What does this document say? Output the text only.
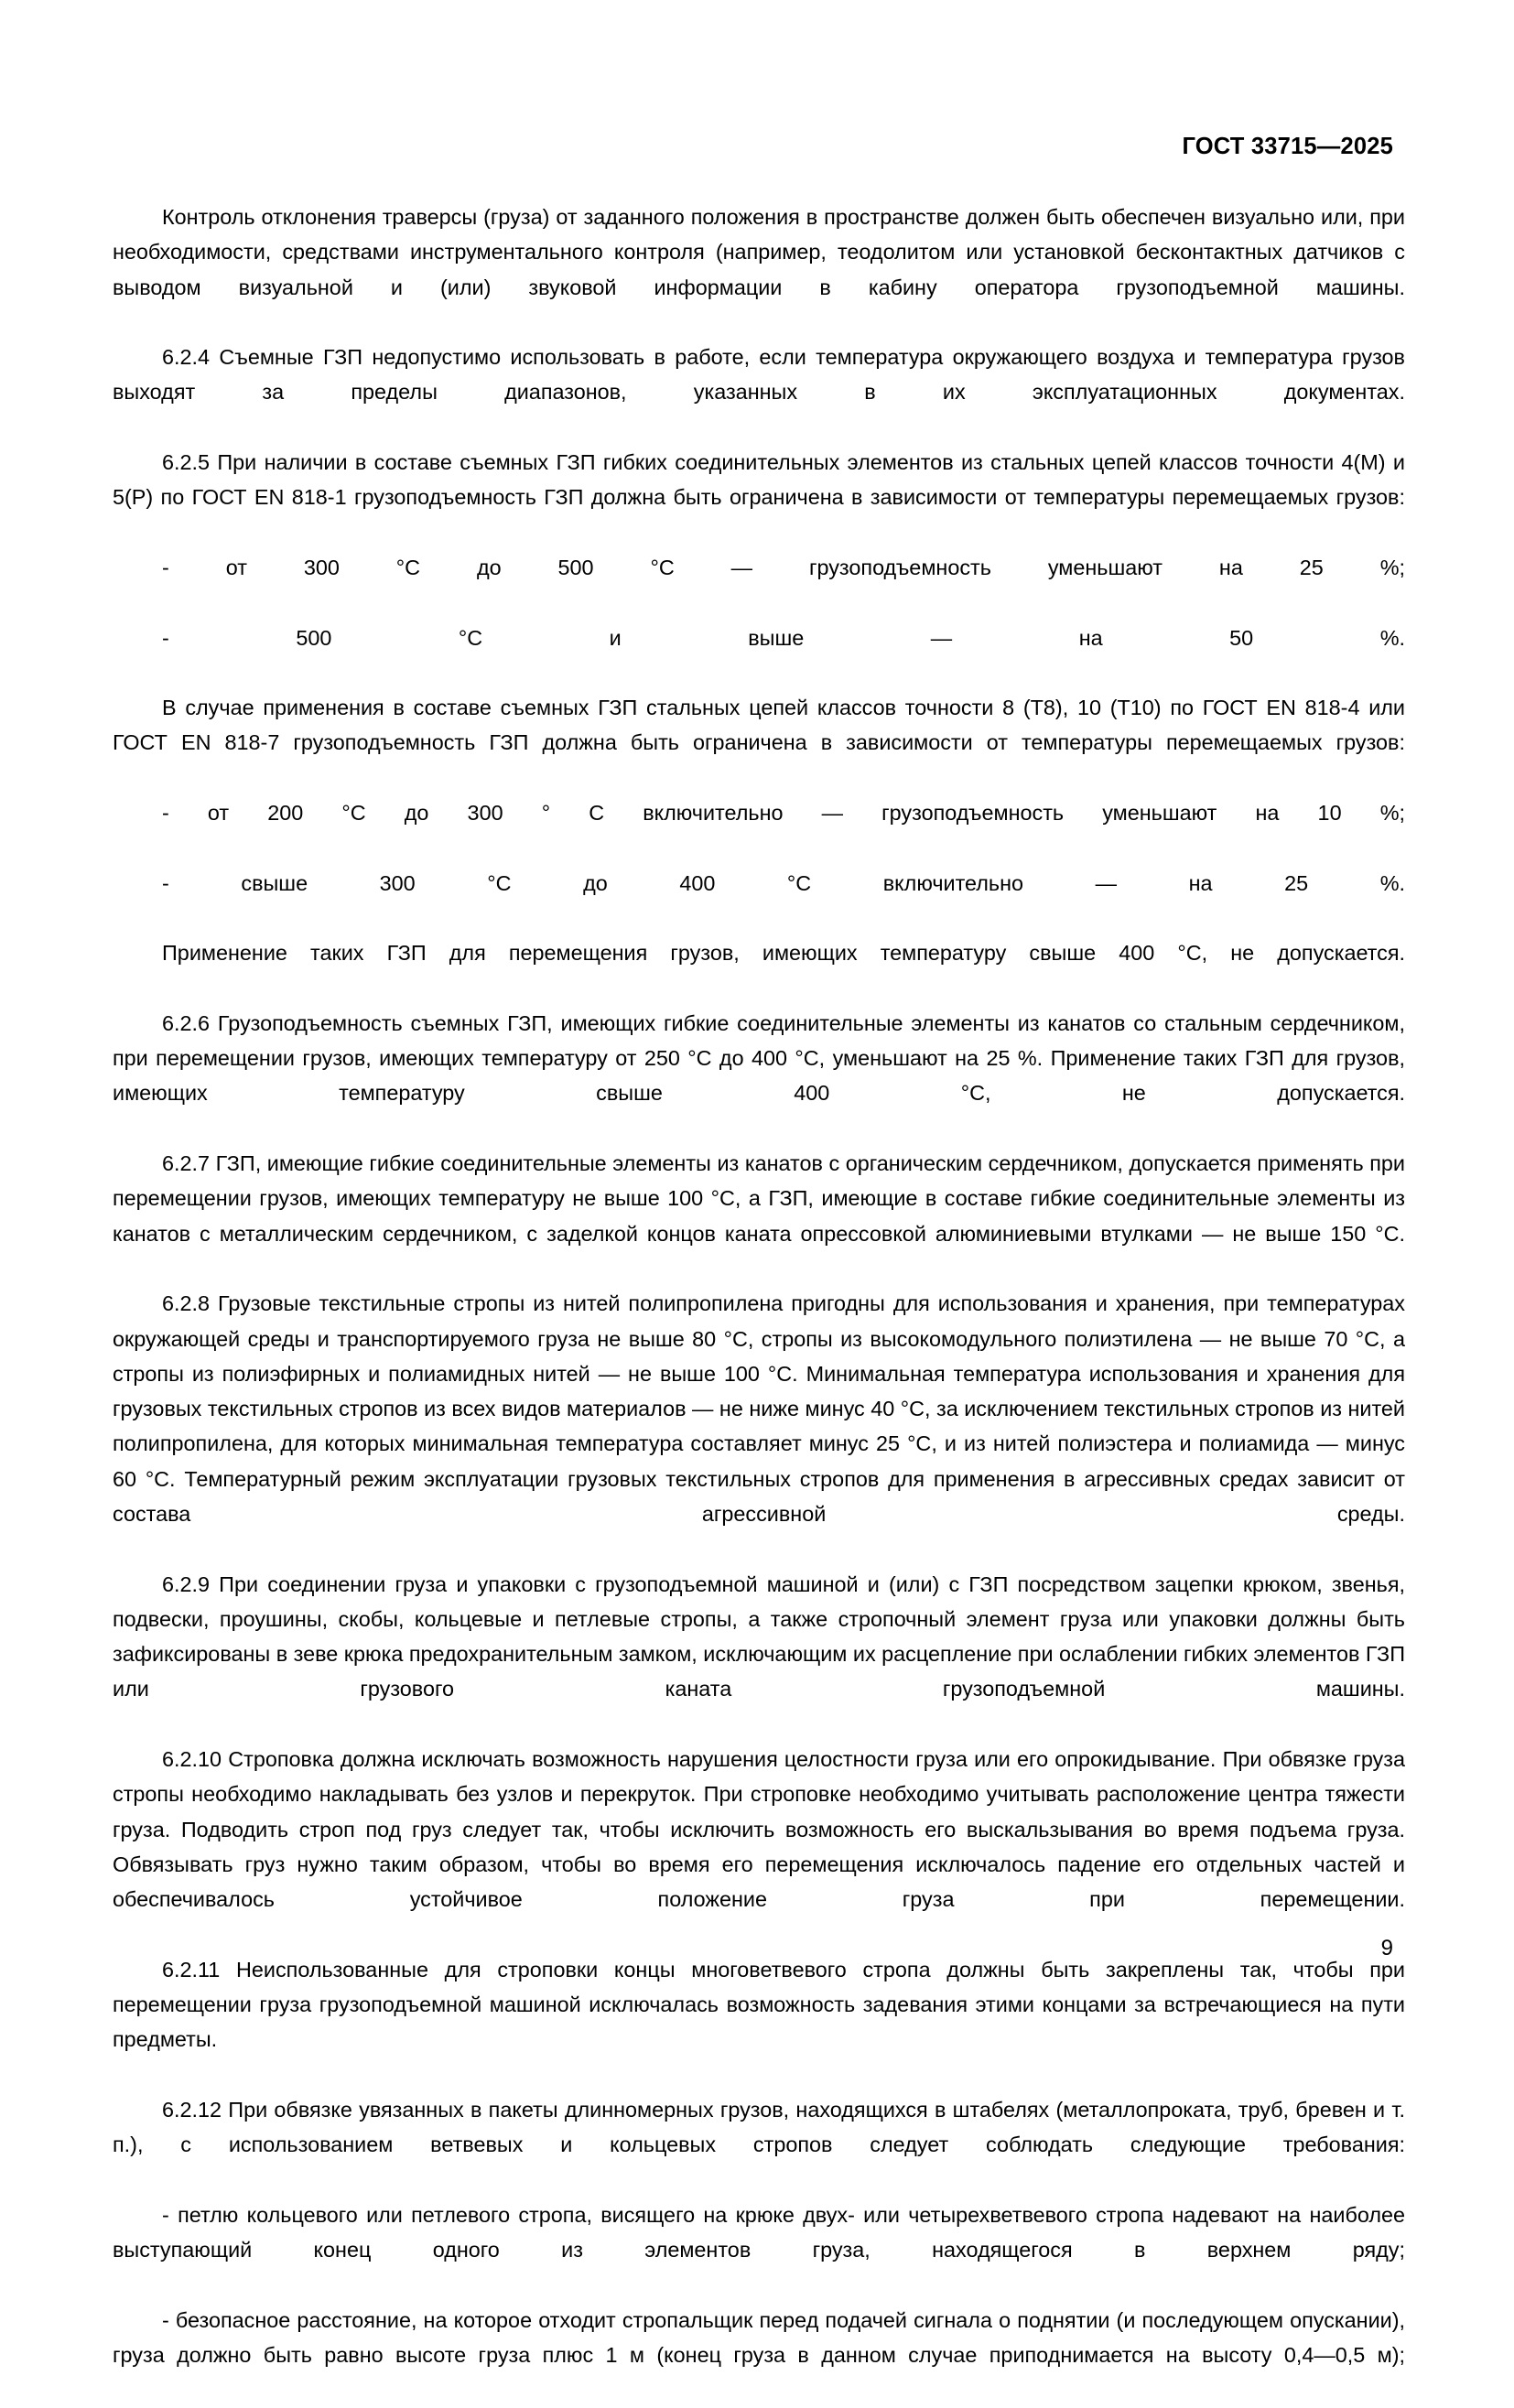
ГОСТ 33715—2025

Контроль отклонения траверсы (груза) от заданного положения в пространстве должен быть обеспечен визуально или, при необходимости, средствами инструментального контроля (например, теодолитом или установкой бесконтактных датчиков с выводом визуальной и (или) звуковой информации в кабину оператора грузоподъемной машины.

6.2.4 Съемные ГЗП недопустимо использовать в работе, если температура окружающего воздуха и температура грузов выходят за пределы диапазонов, указанных в их эксплуатационных документах.

6.2.5 При наличии в составе съемных ГЗП гибких соединительных элементов из стальных цепей классов точности 4(М) и 5(Р) по ГОСТ EN 818-1 грузоподъемность ГЗП должна быть ограничена в зависимости от температуры перемещаемых грузов:

- от 300 °C до 500 °C — грузоподъемность уменьшают на 25 %;

- 500 °C и выше — на 50 %.

В случае применения в составе съемных ГЗП стальных цепей классов точности 8 (Т8), 10 (Т10) по ГОСТ EN 818-4 или ГОСТ EN 818-7 грузоподъемность ГЗП должна быть ограничена в зависимости от температуры перемещаемых грузов:

- от 200 °C до 300 ° С включительно — грузоподъемность уменьшают на 10 %;

- свыше 300 °C до 400 °C включительно — на 25 %.

Применение таких ГЗП для перемещения грузов, имеющих температуру свыше 400 °C, не допускается.

6.2.6 Грузоподъемность съемных ГЗП, имеющих гибкие соединительные элементы из канатов со стальным сердечником, при перемещении грузов, имеющих температуру от 250 °C до 400 °C, уменьшают на 25 %. Применение таких ГЗП для грузов, имеющих температуру свыше 400 °C, не допускается.

6.2.7 ГЗП, имеющие гибкие соединительные элементы из канатов с органическим сердечником, допускается применять при перемещении грузов, имеющих температуру не выше 100 °C, а ГЗП, имеющие в составе гибкие соединительные элементы из канатов с металлическим сердечником, с заделкой концов каната опрессовкой алюминиевыми втулками — не выше 150 °C.

6.2.8 Грузовые текстильные стропы из нитей полипропилена пригодны для использования и хранения, при температурах окружающей среды и транспортируемого груза не выше 80 °C, стропы из высокомодульного полиэтилена — не выше 70 °C, а стропы из полиэфирных и полиамидных нитей — не выше 100 °C. Минимальная температура использования и хранения для грузовых текстильных стропов из всех видов материалов — не ниже минус 40 °C, за исключением текстильных стропов из нитей полипропилена, для которых минимальная температура составляет минус 25 °C, и из нитей полиэстера и полиамида — минус 60 °C. Температурный режим эксплуатации грузовых текстильных стропов для применения в агрессивных средах зависит от состава агрессивной среды.

6.2.9 При соединении груза и упаковки с грузоподъемной машиной и (или) с ГЗП посредством зацепки крюком, звенья, подвески, проушины, скобы, кольцевые и петлевые стропы, а также стропочный элемент груза или упаковки должны быть зафиксированы в зеве крюка предохранительным замком, исключающим их расцепление при ослаблении гибких элементов ГЗП или грузового каната грузоподъемной машины.

6.2.10 Строповка должна исключать возможность нарушения целостности груза или его опрокидывание. При обвязке груза стропы необходимо накладывать без узлов и перекруток. При строповке необходимо учитывать расположение центра тяжести груза. Подводить строп под груз следует так, чтобы исключить возможность его выскальзывания во время подъема груза. Обвязывать груз нужно таким образом, чтобы во время его перемещения исключалось падение его отдельных частей и обеспечивалось устойчивое положение груза при перемещении.

6.2.11 Неиспользованные для строповки концы многоветвевого стропа должны быть закреплены так, чтобы при перемещении груза грузоподъемной машиной исключалась возможность задевания этими концами за встречающиеся на пути предметы.

6.2.12 При обвязке увязанных в пакеты длинномерных грузов, находящихся в штабелях (металлопроката, труб, бревен и т. п.), с использованием ветвевых и кольцевых стропов следует соблюдать следующие требования:

- петлю кольцевого или петлевого стропа, висящего на крюке двух- или четырехветвевого стропа надевают на наиболее выступающий конец одного из элементов груза, находящегося в верхнем ряду;

- безопасное расстояние, на которое отходит стропальщик перед подачей сигнала о поднятии (и последующем опускании), груза должно быть равно высоте груза плюс 1 м (конец груза в данном случае приподнимается на высоту 0,4—0,5 м);

9
